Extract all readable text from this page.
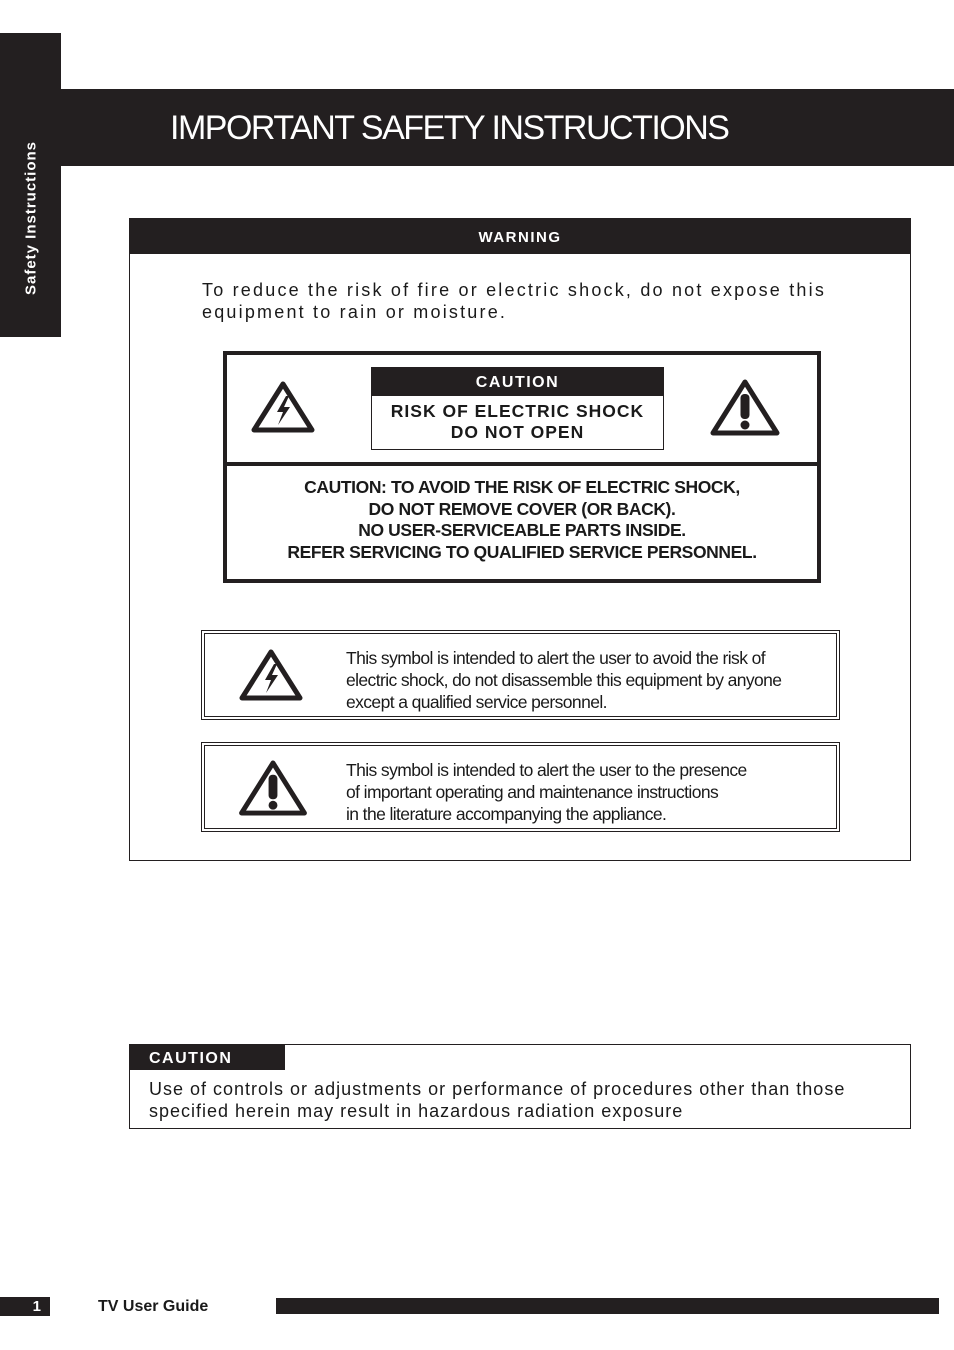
Safety Instructions
IMPORTANT SAFETY INSTRUCTIONS
WARNING
To reduce the risk of fire or electric shock, do not expose this
equipment to rain or moisture.
CAUTION
RISK OF ELECTRIC SHOCK
DO NOT OPEN
CAUTION: TO AVOID THE RISK OF ELECTRIC SHOCK,
DO NOT REMOVE COVER (OR BACK).
NO USER-SERVICEABLE PARTS INSIDE.
REFER SERVICING TO QUALIFIED SERVICE PERSONNEL.
This symbol is intended to alert the user to avoid the risk of
electric shock, do not disassemble this equipment by anyone
except a qualified service personnel.
This symbol is intended to alert the user to the presence
of important operating and maintenance instructions
in the literature accompanying the appliance.
CAUTION
Use of controls or adjustments or performance of procedures other than those
specified herein may result in hazardous radiation exposure
1	TV User Guide
